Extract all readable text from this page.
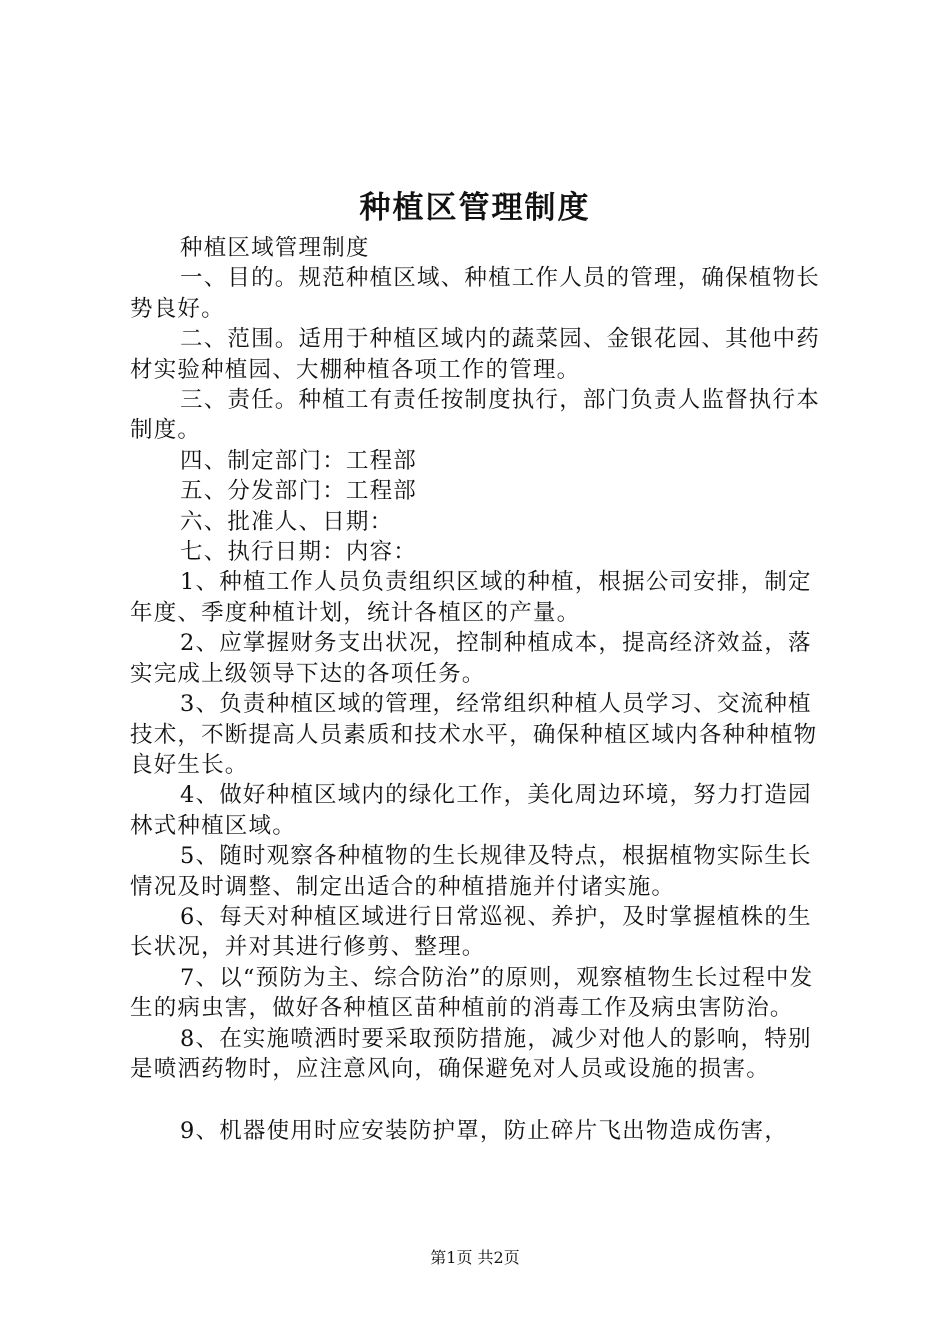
种植区管理制度

种植区域管理制度

一、目的。规范种植区域、种植工作人员的管理，确保植物长势良好。

二、范围。适用于种植区域内的蔬菜园、金银花园、其他中药材实验种植园、大棚种植各项工作的管理。

三、责任。种植工有责任按制度执行，部门负责人监督执行本制度。

四、制定部门：工程部

五、分发部门：工程部

六、批准人、日期：

七、执行日期：内容：

1、种植工作人员负责组织区域的种植，根据公司安排，制定年度、季度种植计划，统计各植区的产量。

2、应掌握财务支出状况，控制种植成本，提高经济效益，落实完成上级领导下达的各项任务。

3、负责种植区域的管理，经常组织种植人员学习、交流种植技术，不断提高人员素质和技术水平，确保种植区域内各种种植物良好生长。

4、做好种植区域内的绿化工作，美化周边环境，努力打造园林式种植区域。

5、随时观察各种植物的生长规律及特点，根据植物实际生长情况及时调整、制定出适合的种植措施并付诸实施。

6、每天对种植区域进行日常巡视、养护，及时掌握植株的生长状况，并对其进行修剪、整理。

7、以“预防为主、综合防治”的原则，观察植物生长过程中发生的病虫害，做好各种植区苗种植前的消毒工作及病虫害防治。

8、在实施喷洒时要采取预防措施，减少对他人的影响，特别是喷洒药物时，应注意风向，确保避免对人员或设施的损害。

9、机器使用时应安装防护罩，防止碎片飞出物造成伤害，

第1页 共2页
